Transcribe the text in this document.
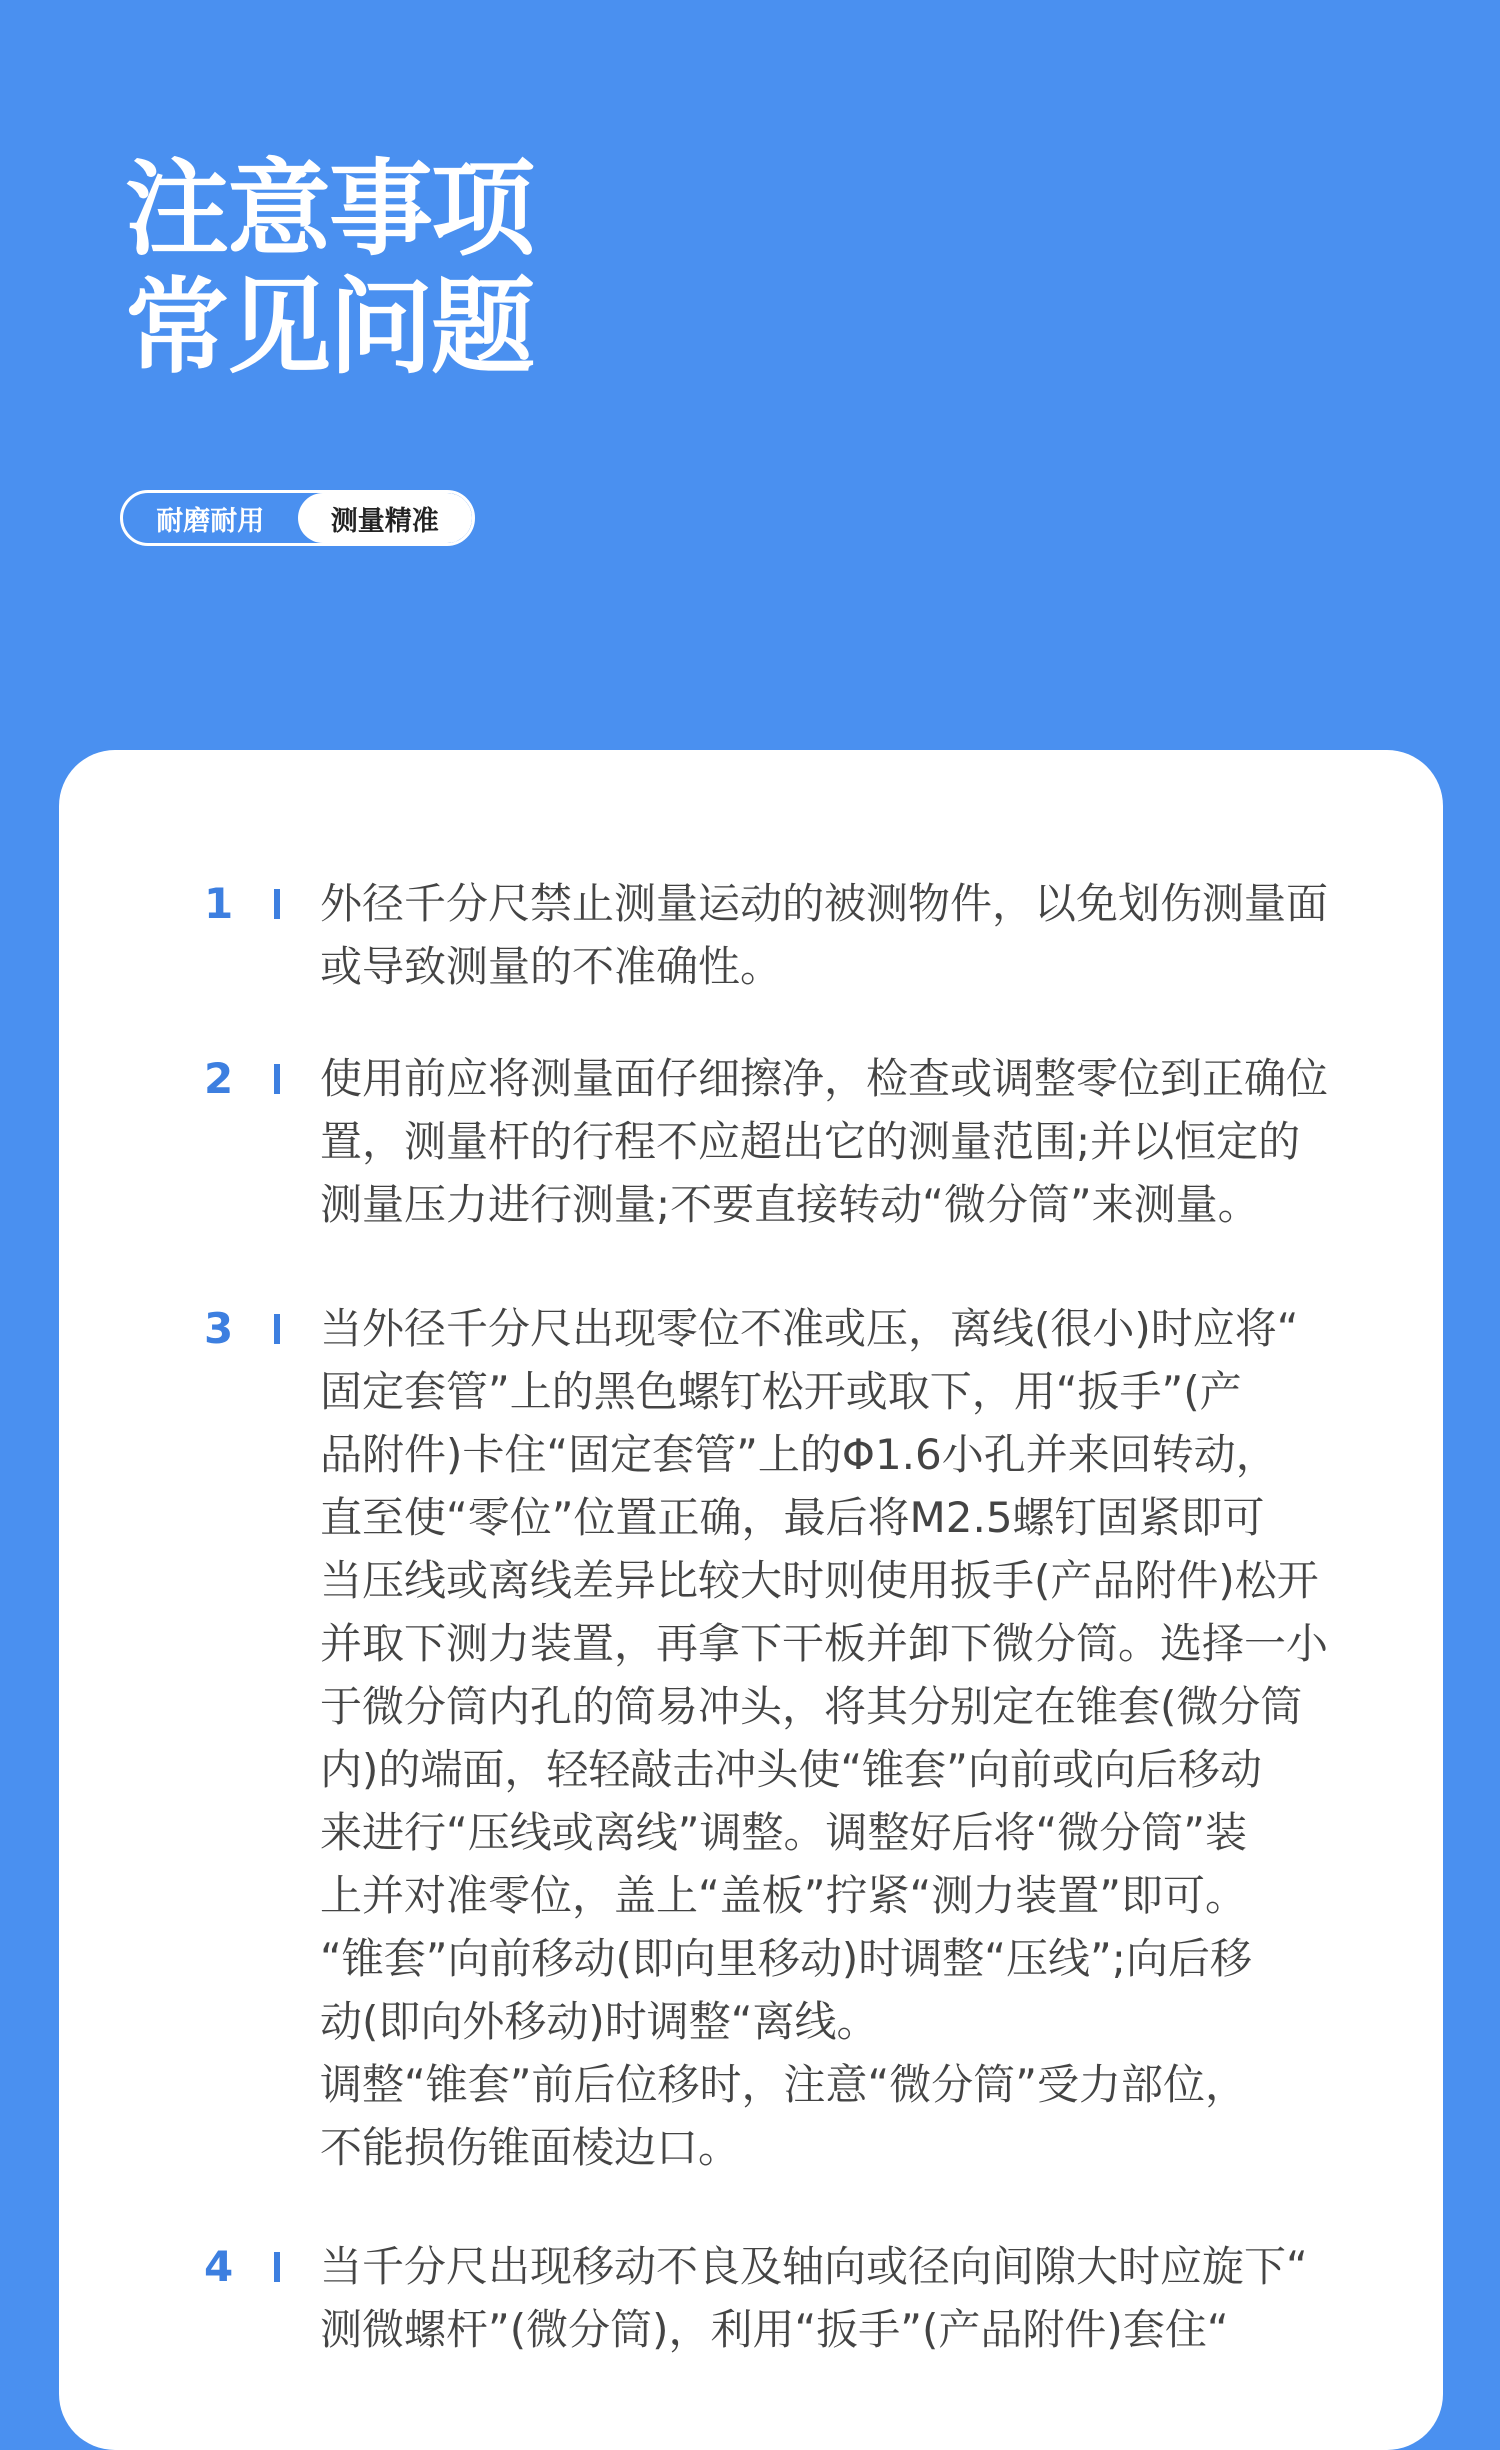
注意事项
常见问题
耐磨耐用	测量精准
1	外径千分尺禁止测量运动的被测物件，以免划伤测量面
或导致测量的不准确性。
2	使用前应将测量面仔细擦净，检查或调整零位到正确位
置，测量杆的行程不应超出它的测量范围;并以恒定的
测量压力进行测量;不要直接转动“微分筒”来测量。
3	当外径千分尺出现零位不准或压，离线(很小)时应将“
固定套管”上的黑色螺钉松开或取下，用“扳手”(产
品附件)卡住“固定套管”上的Φ1.6小孔并来回转动，
直至使“零位”位置正确，最后将M2.5螺钉固紧即可
当压线或离线差异比较大时则使用扳手(产品附件)松开
并取下测力装置，再拿下干板并卸下微分筒。选择一小
于微分筒内孔的简易冲头，将其分别定在锥套(微分筒
内)的端面，轻轻敲击冲头使“锥套”向前或向后移动
来进行“压线或离线”调整。调整好后将“微分筒”装
上并对准零位，盖上“盖板”拧紧“测力装置”即可。
“锥套”向前移动(即向里移动)时调整“压线”;向后移
动(即向外移动)时调整“离线。
调整“锥套”前后位移时，注意“微分筒”受力部位，
不能损伤锥面棱边口。
4	当千分尺出现移动不良及轴向或径向间隙大时应旋下“
测微螺杆”(微分筒)，利用“扳手”(产品附件)套住“
